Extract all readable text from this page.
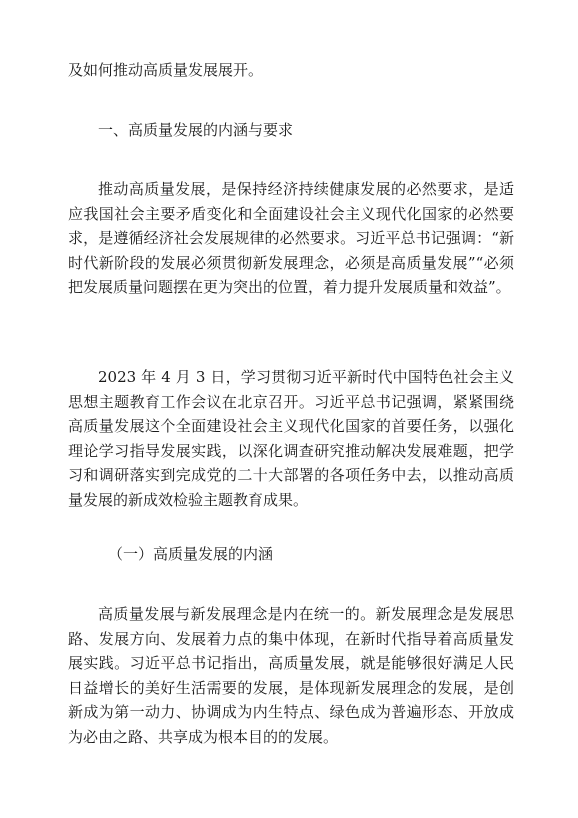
及如何推动高质量发展展开。

一、高质量发展的内涵与要求

推动高质量发展，是保持经济持续健康发展的必然要求，是适应我国社会主要矛盾变化和全面建设社会主义现代化国家的必然要求，是遵循经济社会发展规律的必然要求。习近平总书记强调：“新时代新阶段的发展必须贯彻新发展理念，必须是高质量发展”“必须把发展质量问题摆在更为突出的位置，着力提升发展质量和效益”。

2023 年 4 月 3 日，学习贯彻习近平新时代中国特色社会主义思想主题教育工作会议在北京召开。习近平总书记强调，紧紧围绕高质量发展这个全面建设社会主义现代化国家的首要任务，以强化理论学习指导发展实践，以深化调查研究推动解决发展难题，把学习和调研落实到完成党的二十大部署的各项任务中去，以推动高质量发展的新成效检验主题教育成果。

（一）高质量发展的内涵

高质量发展与新发展理念是内在统一的。新发展理念是发展思路、发展方向、发展着力点的集中体现，在新时代指导着高质量发展实践。习近平总书记指出，高质量发展，就是能够很好满足人民日益增长的美好生活需要的发展，是体现新发展理念的发展，是创新成为第一动力、协调成为内生特点、绿色成为普遍形态、开放成为必由之路、共享成为根本目的的发展。
